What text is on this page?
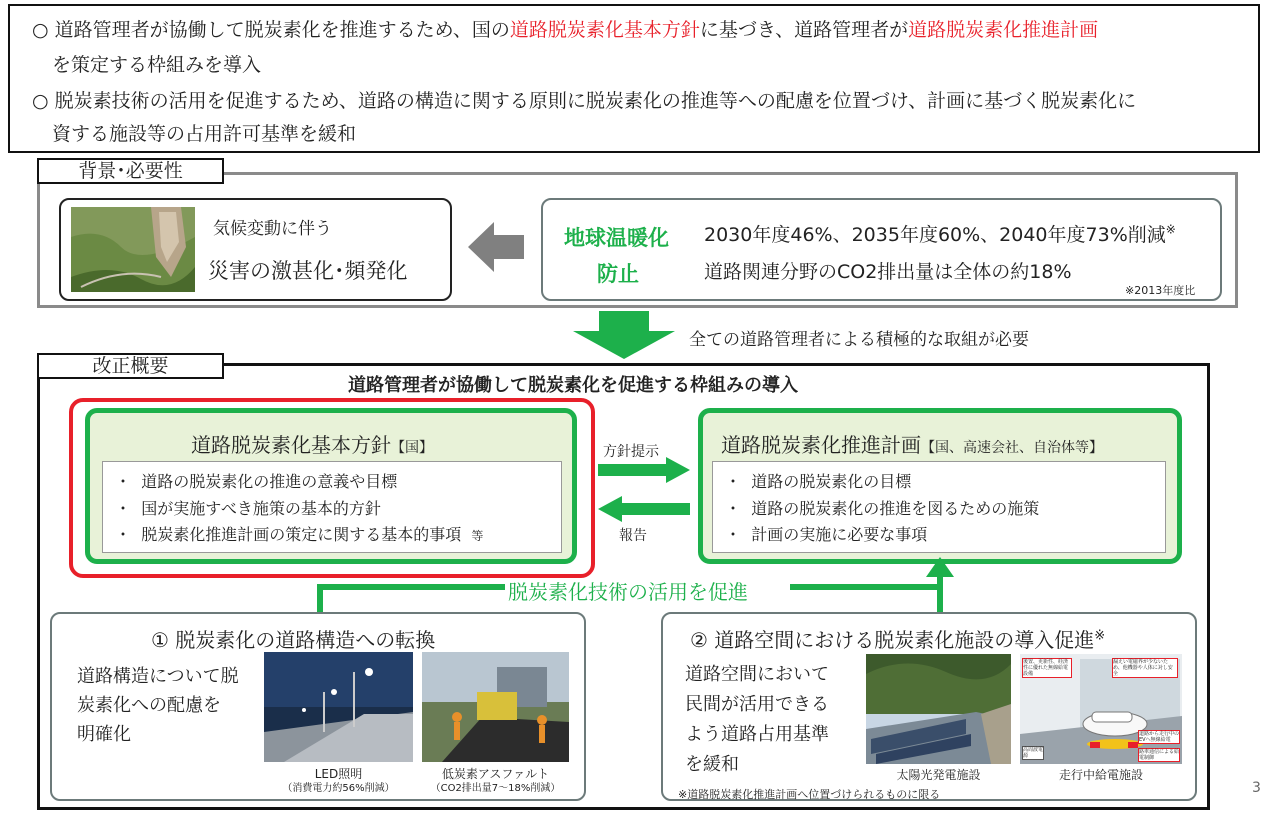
○ 道路管理者が協働して脱炭素化を推進するため、国の道路脱炭素化基本方針に基づき、道路管理者が道路脱炭素化推進計画
を策定する枠組みを導入
○ 脱炭素技術の活用を促進するため、道路の構造に関する原則に脱炭素化の推進等への配慮を位置づけ、計画に基づく脱炭素化に
資する施設等の占用許可基準を緩和
背景･必要性
気候変動に伴う
災害の激甚化･頻発化
地球温暖化
防止
2030年度46%、2035年度60%、2040年度73%削減※
道路関連分野のCO2排出量は全体の約18%
※2013年度比
全ての道路管理者による積極的な取組が必要
改正概要
道路管理者が協働して脱炭素化を促進する枠組みの導入
道路脱炭素化基本方針【国】
・ 道路の脱炭素化の推進の意義や目標
・ 国が実施すべき施策の基本的方針
・ 脱炭素化推進計画の策定に関する基本的事項 等
方針提示
報告
道路脱炭素化推進計画【国、高速会社、自治体等】
・ 道路の脱炭素化の目標
・ 道路の脱炭素化の推進を図るための施策
・ 計画の実施に必要な事項
脱炭素化技術の活用を促進
① 脱炭素化の道路構造への転換
道路構造について脱
炭素化への配慮を
明確化
LED照明
（消費電力約56%削減）
低炭素アスファルト
（CO2排出量7～18%削減）
② 道路空間における脱炭素化施設の導入促進※
道路空間において
民間が活用できる
よう道路占用基準
を緩和
後置、更新性、経済性に優れた無線給電設備
漏えい電磁界が少ないため、他機器や人体に対し安全
道路から走行中のEVへ無線給電
路車通信による給電制御
高周波電源
太陽光発電施設	走行中給電施設
※道路脱炭素化推進計画へ位置づけられるものに限る	3
